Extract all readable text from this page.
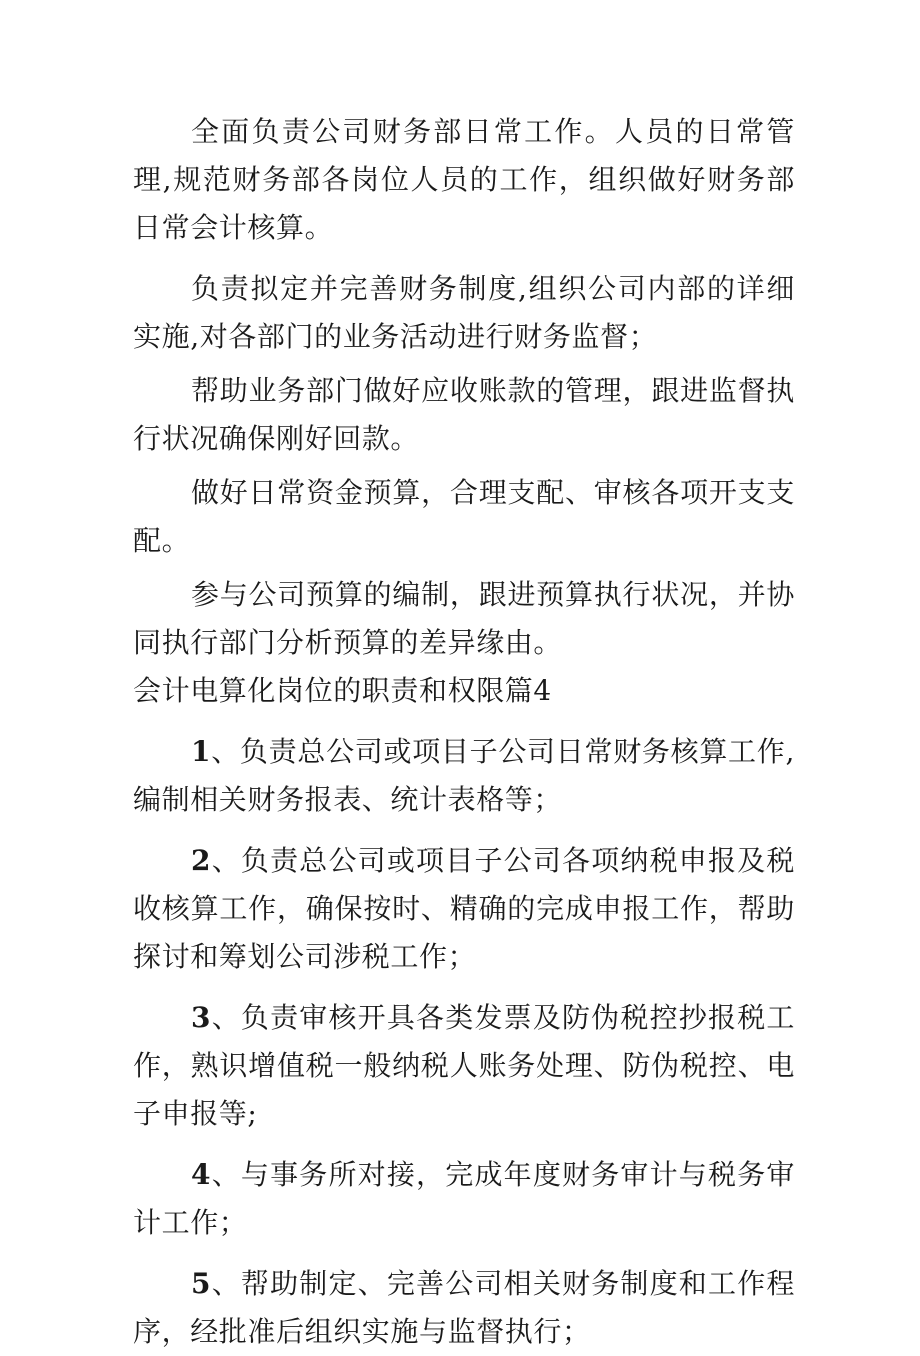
全面负责公司财务部日常工作。人员的日常管理,规范财务部各岗位人员的工作，组织做好财务部日常会计核算。

负责拟定并完善财务制度,组织公司内部的详细实施,对各部门的业务活动进行财务监督；

帮助业务部门做好应收账款的管理，跟进监督执行状况确保刚好回款。

做好日常资金预算，合理支配、审核各项开支支配。

参与公司预算的编制，跟进预算执行状况，并协同执行部门分析预算的差异缘由。

会计电算化岗位的职责和权限篇4

1、负责总公司或项目子公司日常财务核算工作,编制相关财务报表、统计表格等；

2、负责总公司或项目子公司各项纳税申报及税收核算工作，确保按时、精确的完成申报工作，帮助探讨和筹划公司涉税工作；

3、负责审核开具各类发票及防伪税控抄报税工作，熟识增值税一般纳税人账务处理、防伪税控、电子申报等;

4、与事务所对接，完成年度财务审计与税务审计工作；

5、帮助制定、完善公司相关财务制度和工作程序，经批准后组织实施与监督执行；
